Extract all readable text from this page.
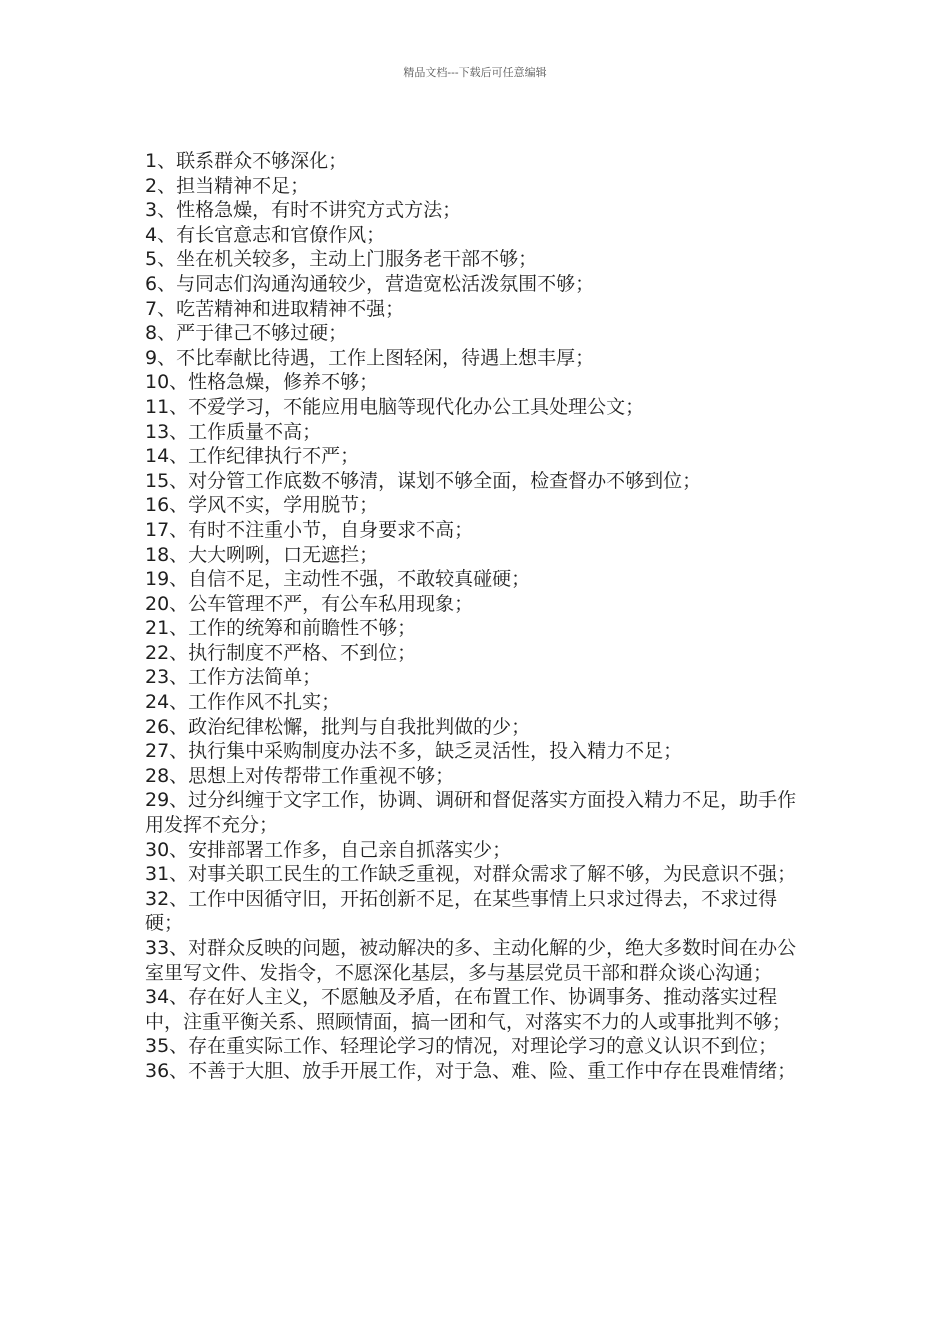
精品文档---下载后可任意编辑

1、联系群众不够深化；

2、担当精神不足；

3、性格急燥，有时不讲究方式方法；

4、有长官意志和官僚作风；

5、坐在机关较多，主动上门服务老干部不够；

6、与同志们沟通沟通较少，营造宽松活泼氛围不够；

7、吃苦精神和进取精神不强；

8、严于律己不够过硬；

9、不比奉献比待遇，工作上图轻闲，待遇上想丰厚；

10、性格急燥，修养不够；

11、不爱学习，不能应用电脑等现代化办公工具处理公文；

13、工作质量不高；

14、工作纪律执行不严；

15、对分管工作底数不够清，谋划不够全面，检查督办不够到位；

16、学风不实，学用脱节；

17、有时不注重小节，自身要求不高；

18、大大咧咧，口无遮拦；

19、自信不足，主动性不强，不敢较真碰硬；

20、公车管理不严，有公车私用现象；

21、工作的统筹和前瞻性不够；

22、执行制度不严格、不到位；

23、工作方法简单；

24、工作作风不扎实；

26、政治纪律松懈，批判与自我批判做的少；

27、执行集中采购制度办法不多，缺乏灵活性，投入精力不足；

28、思想上对传帮带工作重视不够；

29、过分纠缠于文字工作，协调、调研和督促落实方面投入精力不足，助手作用发挥不充分；

30、安排部署工作多，自己亲自抓落实少；

31、对事关职工民生的工作缺乏重视，对群众需求了解不够，为民意识不强；

32、工作中因循守旧，开拓创新不足，在某些事情上只求过得去，不求过得硬；

33、对群众反映的问题，被动解决的多、主动化解的少，绝大多数时间在办公室里写文件、发指令，不愿深化基层，多与基层党员干部和群众谈心沟通；

34、存在好人主义，不愿触及矛盾，在布置工作、协调事务、推动落实过程中，注重平衡关系、照顾情面，搞一团和气，对落实不力的人或事批判不够；

35、存在重实际工作、轻理论学习的情况，对理论学习的意义认识不到位；

36、不善于大胆、放手开展工作，对于急、难、险、重工作中存在畏难情绪；
